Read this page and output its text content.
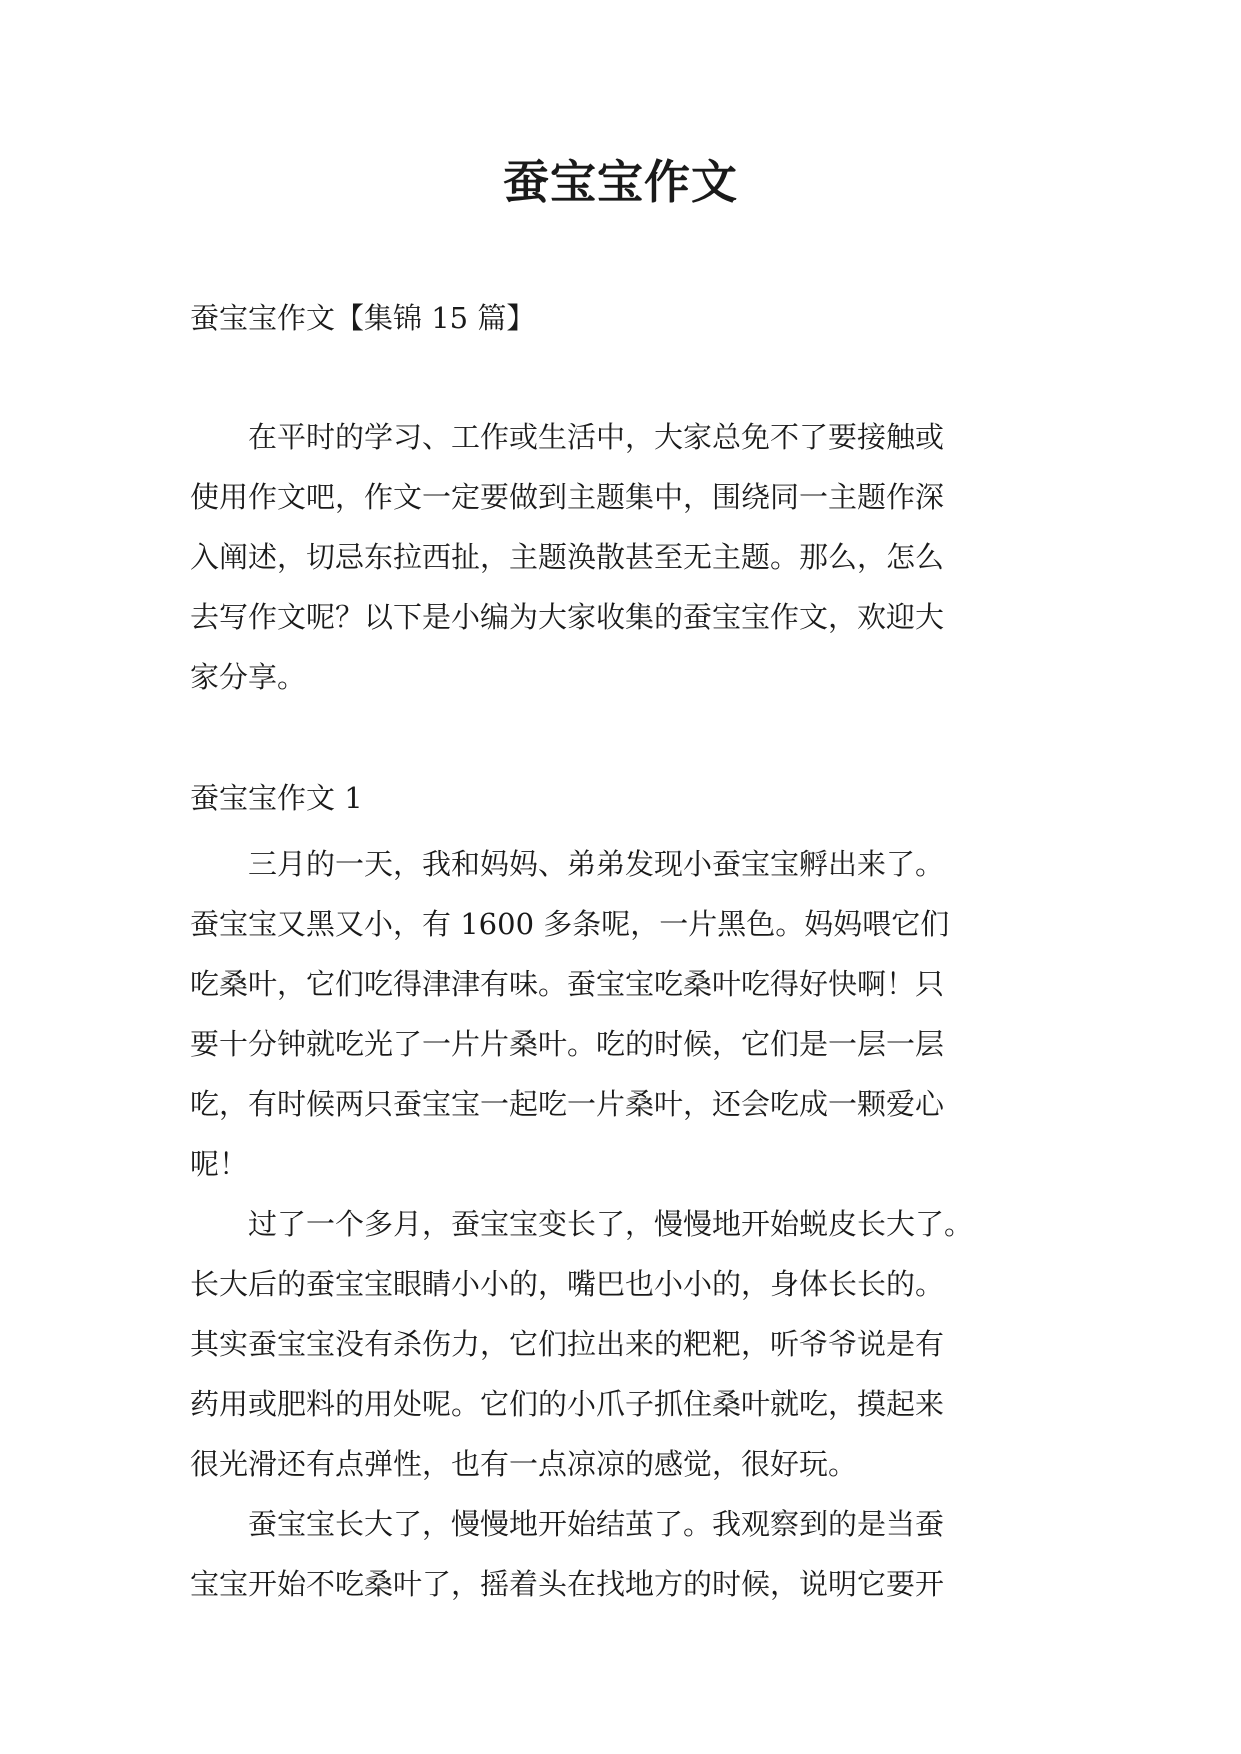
蚕宝宝作文

蚕宝宝作文【集锦 15 篇】

　　在平时的学习、工作或生活中，大家总免不了要接触或
使用作文吧，作文一定要做到主题集中，围绕同一主题作深
入阐述，切忌东拉西扯，主题涣散甚至无主题。那么，怎么
去写作文呢？以下是小编为大家收集的蚕宝宝作文，欢迎大
家分享。
蚕宝宝作文 1
　　三月的一天，我和妈妈、弟弟发现小蚕宝宝孵出来了。
蚕宝宝又黑又小，有 1600 多条呢，一片黑色。妈妈喂它们
吃桑叶，它们吃得津津有味。蚕宝宝吃桑叶吃得好快啊！只
要十分钟就吃光了一片片桑叶。吃的时候，它们是一层一层
吃，有时候两只蚕宝宝一起吃一片桑叶，还会吃成一颗爱心
呢！
　　过了一个多月，蚕宝宝变长了，慢慢地开始蜕皮长大了。
长大后的蚕宝宝眼睛小小的，嘴巴也小小的，身体长长的。
其实蚕宝宝没有杀伤力，它们拉出来的粑粑，听爷爷说是有
药用或肥料的用处呢。它们的小爪子抓住桑叶就吃，摸起来
很光滑还有点弹性，也有一点凉凉的感觉，很好玩。
　　蚕宝宝长大了，慢慢地开始结茧了。我观察到的是当蚕
宝宝开始不吃桑叶了，摇着头在找地方的时候，说明它要开
